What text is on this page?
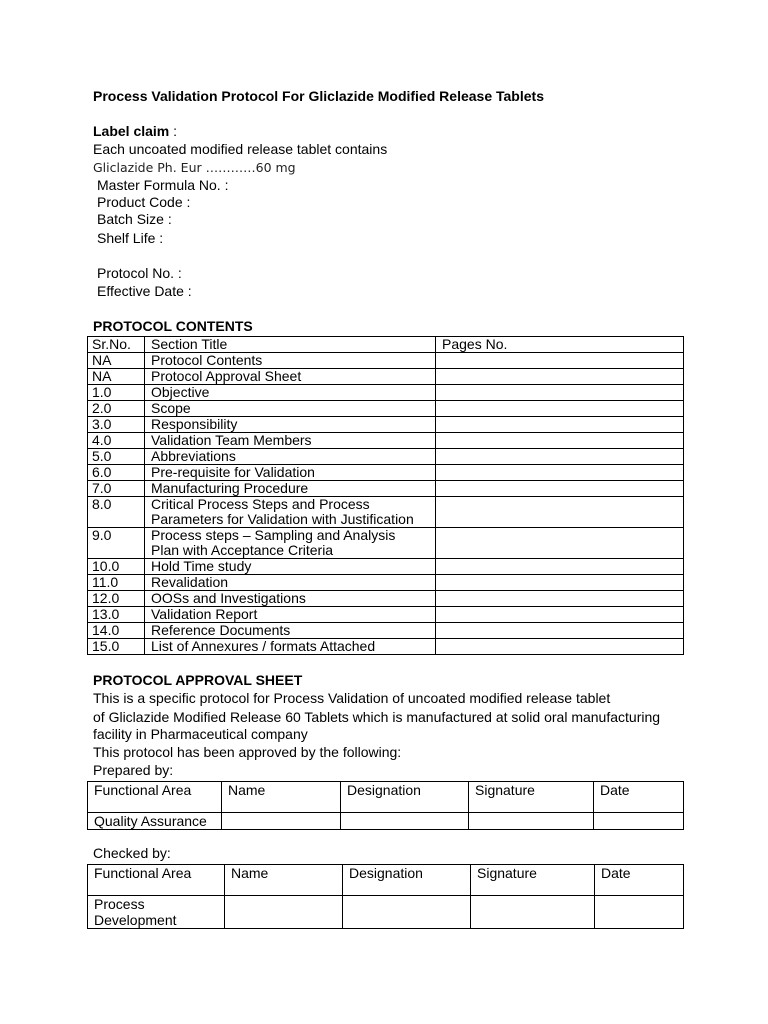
Process Validation Protocol For Gliclazide Modified Release Tablets
Label claim :
Each uncoated modified release tablet contains
Gliclazide Ph. Eur …………60 mg
Master Formula No. :
Product Code :
Batch Size :
Shelf Life :
Protocol No. :
Effective Date :
PROTOCOL CONTENTS
Sr.No.	Section Title	Pages No.
NA	Protocol Contents	

NA	Protocol Approval Sheet	

1.0	Objective	

2.0	Scope	

3.0	Responsibility	

4.0	Validation Team Members	

5.0	Abbreviations	

6.0	Pre-requisite for Validation	

7.0	Manufacturing Procedure	

8.0	Critical Process Steps and Process
Parameters for Validation with Justification	

9.0	Process steps – Sampling and Analysis
Plan with Acceptance Criteria	

10.0	Hold Time study	

11.0	Revalidation	

12.0	OOSs and Investigations	

13.0	Validation Report	

14.0	Reference Documents	

15.0	List of Annexures / formats Attached	

PROTOCOL APPROVAL SHEET
This is a specific protocol for Process Validation of uncoated modified release tablet
of Gliclazide Modified Release 60 Tablets which is manufactured at solid oral manufacturing
facility in Pharmaceutical company
This protocol has been approved by the following:
Prepared by:
Functional Area	Name	Designation	Signature	Date
Quality Assurance				
Checked by:
Functional Area	Name	Designation	Signature	Date

Process
Development				
